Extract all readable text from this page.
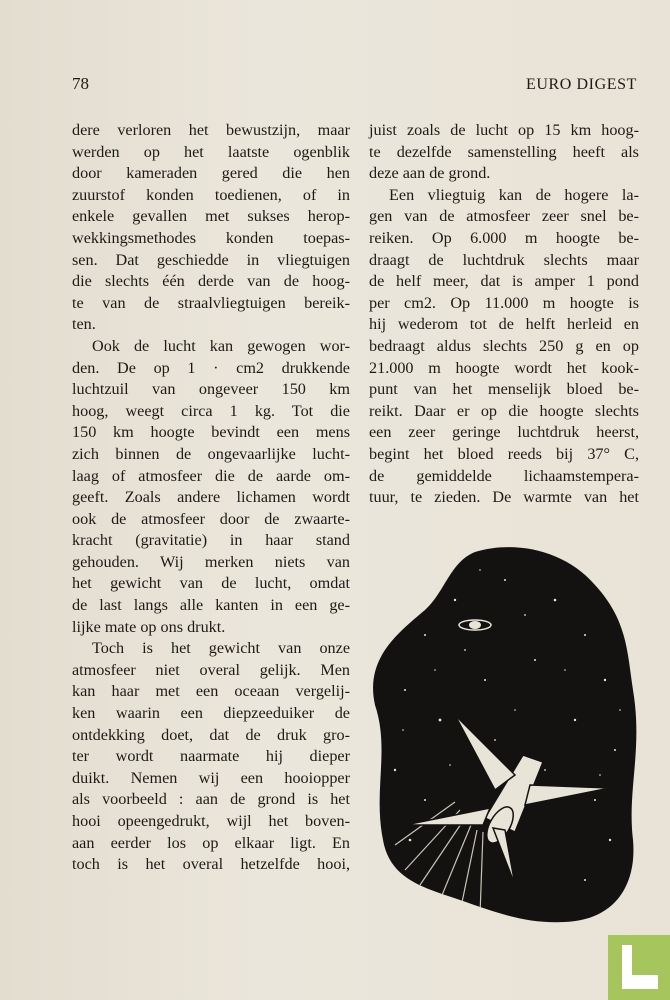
78	EURO DIGEST

dere verloren het bewustzijn, maar
werden op het laatste ogenblik
door kameraden gered die hen
zuurstof konden toedienen, of in
enkele gevallen met sukses herop-
wekkingsmethodes konden toepas-
sen. Dat geschiedde in vliegtuigen
die slechts één derde van de hoog-
te van de straalvliegtuigen bereik-
ten.

Ook de lucht kan gewogen wor-
den. De op 1 · cm2 drukkende
luchtzuil van ongeveer 150 km
hoog, weegt circa 1 kg. Tot die
150 km hoogte bevindt een mens
zich binnen de ongevaarlijke lucht-
laag of atmosfeer die de aarde om-
geeft. Zoals andere lichamen wordt
ook de atmosfeer door de zwaarte-
kracht (gravitatie) in haar stand
gehouden. Wij merken niets van
het gewicht van de lucht, omdat
de last langs alle kanten in een ge-
lijke mate op ons drukt.

Toch is het gewicht van onze
atmosfeer niet overal gelijk. Men
kan haar met een oceaan vergelij-
ken waarin een diepzeeduiker de
ontdekking doet, dat de druk gro-
ter wordt naarmate hij dieper
duikt. Nemen wij een hooiopper
als voorbeeld : aan de grond is het
hooi opeengedrukt, wijl het boven-
aan eerder los op elkaar ligt. En
toch is het overal hetzelfde hooi,

juist zoals de lucht op 15 km hoog-
te dezelfde samenstelling heeft als
deze aan de grond.

Een vliegtuig kan de hogere la-
gen van de atmosfeer zeer snel be-
reiken. Op 6.000 m hoogte be-
draagt de luchtdruk slechts maar
de helf meer, dat is amper 1 pond
per cm2. Op 11.000 m hoogte is
hij wederom tot de helft herleid en
bedraagt aldus slechts 250 g en op
21.000 m hoogte wordt het kook-
punt van het menselijk bloed be-
reikt. Daar er op die hoogte slechts
een zeer geringe luchtdruk heerst,
begint het bloed reeds bij 37° C,
de gemiddelde lichaamstempera-
tuur, te zieden. De warmte van het

bob mau
